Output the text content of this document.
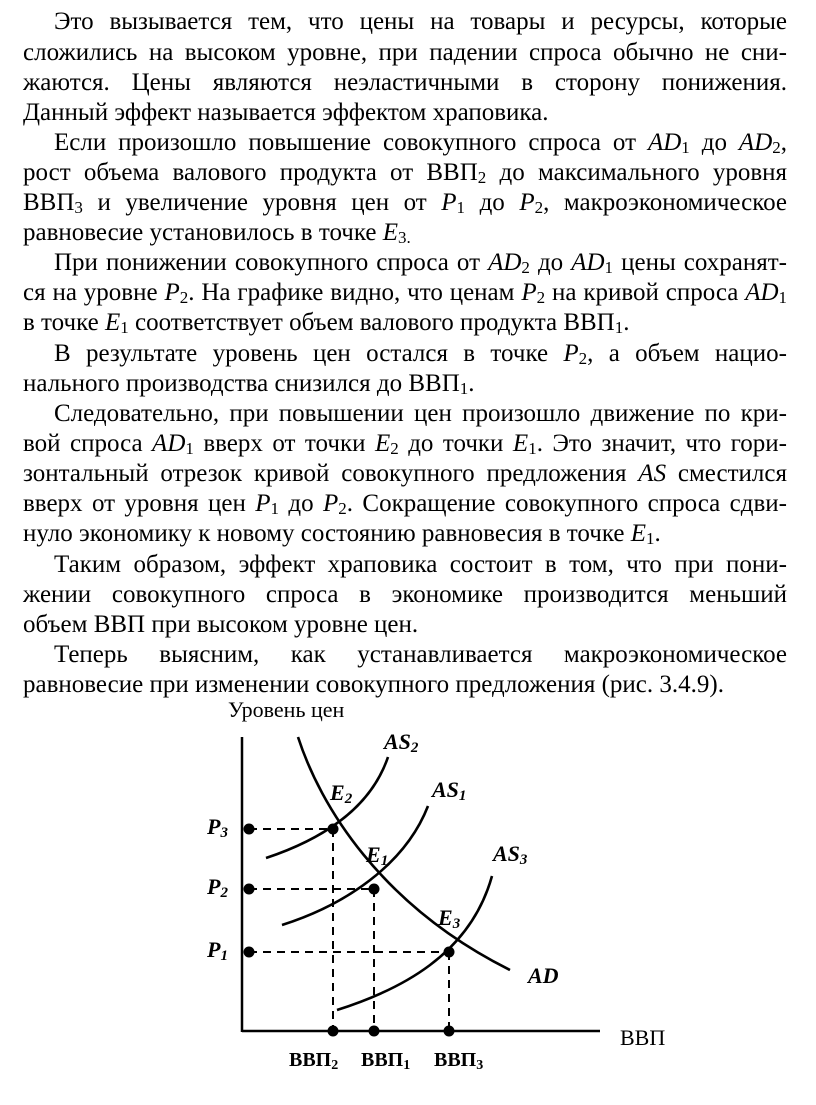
Это вызывается тем, что цены на товары и ресурсы, которые
сложились на высоком уровне, при падении спроса обычно не сни-
жаются. Цены являются неэластичными в сторону понижения.
Данный эффект называется эффектом храповика.
Если произошло повышение совокупного спроса от AD1 до AD2,
рост объема валового продукта от ВВП2 до максимального уровня
ВВП3 и увеличение уровня цен от P1 до P2, макроэкономическое
равновесие установилось в точке E3.
При понижении совокупного спроса от AD2 до AD1 цены сохранят-
ся на уровне P2. На графике видно, что ценам P2 на кривой спроса AD1
в точке E1 соответствует объем валового продукта ВВП1.
В результате уровень цен остался в точке P2, а объем нацио-
нального производства снизился до ВВП1.
Следовательно, при повышении цен произошло движение по кри-
вой спроса AD1 вверх от точки E2 до точки E1. Это значит, что гори-
зонтальный отрезок кривой совокупного предложения AS сместился
вверх от уровня цен P1 до P2. Сокращение совокупного спроса сдви-
нуло экономику к новому состоянию равновесия в точке E1.
Таким образом, эффект храповика состоит в том, что при пони-
жении совокупного спроса в экономике производится меньший
объем ВВП при высоком уровне цен.
Теперь выясним, как устанавливается макроэкономическое
равновесие при изменении совокупного предложения (рис. 3.4.9).
Уровень цен
ВВП
AS2
AS1
AS3
AD
E2
E1
E3
P3
P2
P1
ВВП2 ВВП1 ВВП3
